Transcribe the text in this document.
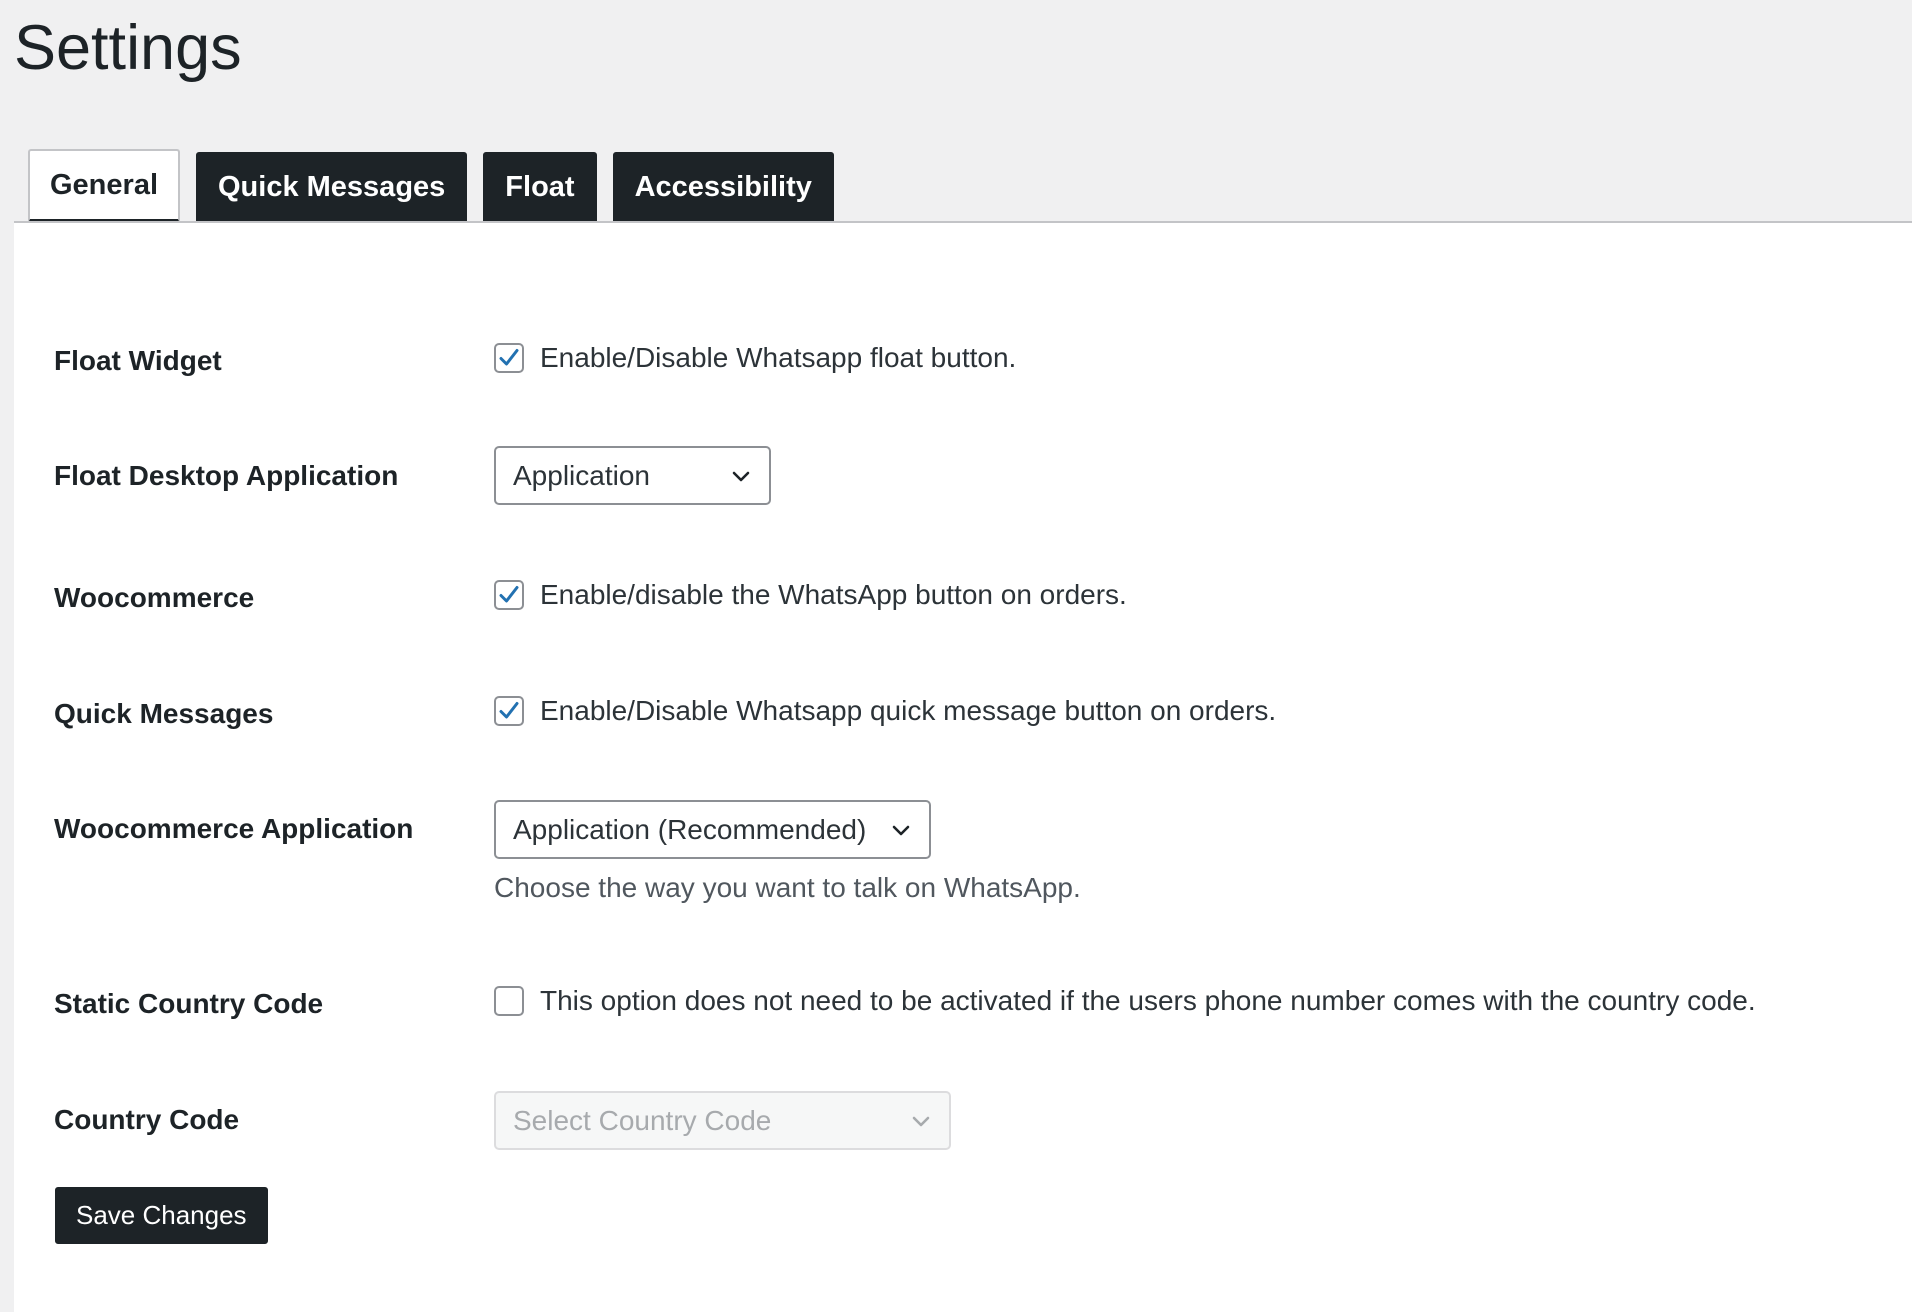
Settings
General	Quick Messages	Float	Accessibility
Float Widget	Enable/Disable Whatsapp float button.
Float Desktop Application	Application
Woocommerce	Enable/disable the WhatsApp button on orders.
Quick Messages	Enable/Disable Whatsapp quick message button on orders.
Woocommerce Application	Application (Recommended)
Choose the way you want to talk on WhatsApp.
Static Country Code	This option does not need to be activated if the users phone number comes with the country code.
Country Code	Select Country Code
Save Changes
